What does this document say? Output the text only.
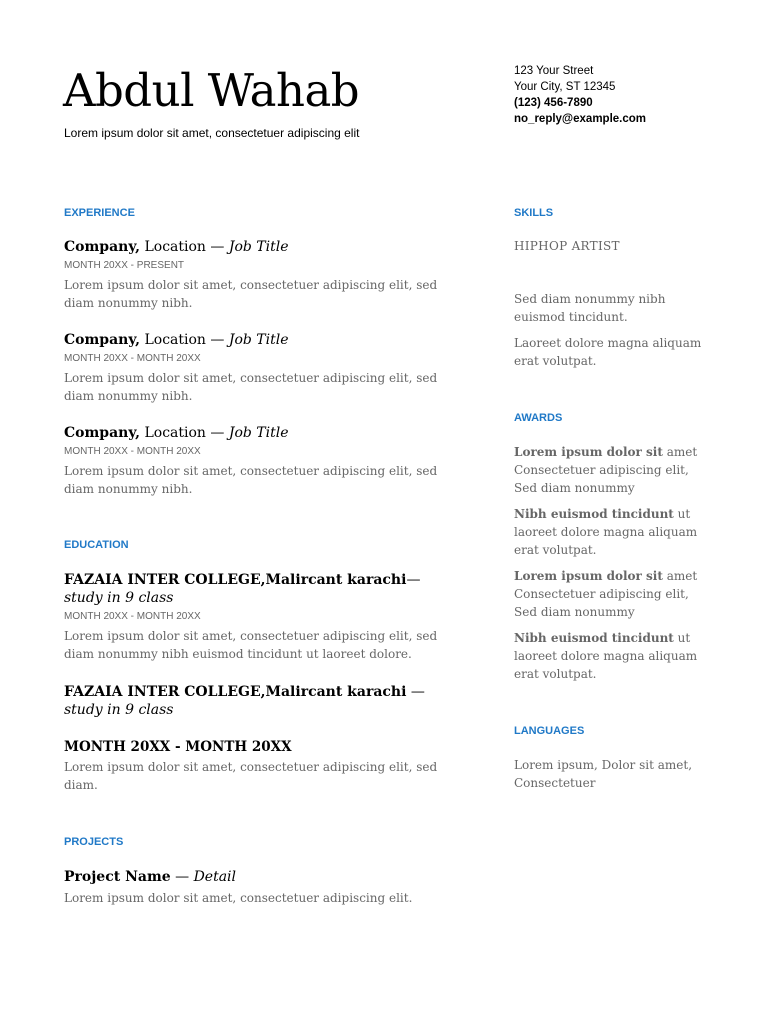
Abdul Wahab
Lorem ipsum dolor sit amet, consectetuer adipiscing elit
123 Your Street
Your City, ST 12345
(123) 456-7890
no_reply@example.com
EXPERIENCE
Company, Location — Job Title
MONTH 20XX - PRESENT
Lorem ipsum dolor sit amet, consectetuer adipiscing elit, sed diam nonummy nibh.
Company, Location — Job Title
MONTH 20XX - MONTH 20XX
Lorem ipsum dolor sit amet, consectetuer adipiscing elit, sed diam nonummy nibh.
Company, Location — Job Title
MONTH 20XX - MONTH 20XX
Lorem ipsum dolor sit amet, consectetuer adipiscing elit, sed diam nonummy nibh.
EDUCATION
FAZAIA INTER COLLEGE,Malircant karachi— study in 9 class
MONTH 20XX - MONTH 20XX
Lorem ipsum dolor sit amet, consectetuer adipiscing elit, sed diam nonummy nibh euismod tincidunt ut laoreet dolore.
FAZAIA INTER COLLEGE,Malircant karachi — study in 9 class
MONTH 20XX - MONTH 20XX
Lorem ipsum dolor sit amet, consectetuer adipiscing elit, sed diam.
PROJECTS
Project Name — Detail
Lorem ipsum dolor sit amet, consectetuer adipiscing elit.
SKILLS
HIPHOP ARTIST
Sed diam nonummy nibh euismod tincidunt.
Laoreet dolore magna aliquam erat volutpat.
AWARDS
Lorem ipsum dolor sit amet Consectetuer adipiscing elit, Sed diam nonummy
Nibh euismod tincidunt ut laoreet dolore magna aliquam erat volutpat.
Lorem ipsum dolor sit amet Consectetuer adipiscing elit, Sed diam nonummy
Nibh euismod tincidunt ut laoreet dolore magna aliquam erat volutpat.
LANGUAGES
Lorem ipsum, Dolor sit amet, Consectetuer
